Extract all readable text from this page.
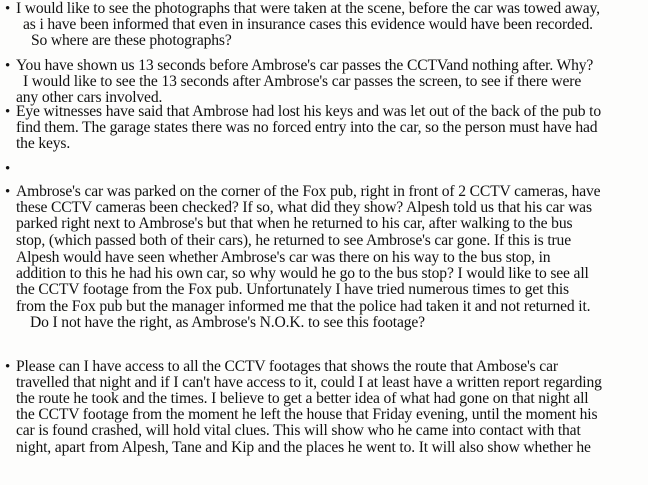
• I would like to see the photographs that were taken at the scene, before the car was towed away,
as i have been informed that even in insurance cases this evidence would have been recorded.
So where are these photographs?
• You have shown us 13 seconds before Ambrose's car passes the CCTVand nothing after. Why?
I would like to see the 13 seconds after Ambrose's car passes the screen, to see if there were
any other cars involved.
• Eye witnesses have said that Ambrose had lost his keys and was let out of the back of the pub to
find them. The garage states there was no forced entry into the car, so the person must have had
the keys.
•
• Ambrose's car was parked on the corner of the Fox pub, right in front of 2 CCTV cameras, have
these CCTV cameras been checked? If so, what did they show? Alpesh told us that his car was
parked right next to Ambrose's but that when he returned to his car, after walking to the bus
stop, (which passed both of their cars), he returned to see Ambrose's car gone. If this is true
Alpesh would have seen whether Ambrose's car was there on his way to the bus stop, in
addition to this he had his own car, so why would he go to the bus stop? I would like to see all
the CCTV footage from the Fox pub. Unfortunately I have tried numerous times to get this
from the Fox pub but the manager informed me that the police had taken it and not returned it.
Do I not have the right, as Ambrose's N.O.K. to see this footage?
• Please can I have access to all the CCTV footages that shows the route that Ambose's car
travelled that night and if I can't have access to it, could I at least have a written report regarding
the route he took and the times. I believe to get a better idea of what had gone on that night all
the CCTV footage from the moment he left the house that Friday evening, until the moment his
car is found crashed, will hold vital clues. This will show who he came into contact with that
night, apart from Alpesh, Tane and Kip and the places he went to. It will also show whether he
